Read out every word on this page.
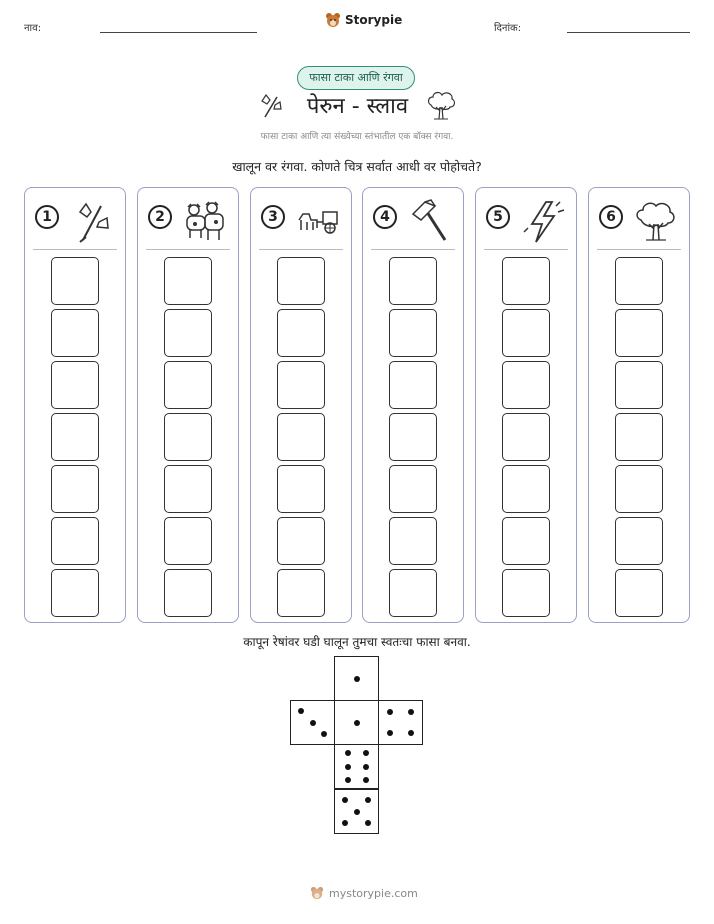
नाव:
Storypie
दिनांक:
फासा टाका आणि रंगवा
पेरुन - स्लाव
फासा टाका आणि त्या संख्येच्या स्तंभातील एक बॉक्स रंगवा.
खालून वर रंगवा. कोणते चित्र सर्वात आधी वर पोहोचते?
1	2	3	4	5	6
कापून रेषांवर घडी घालून तुमचा स्वतःचा फासा बनवा.
mystorypie.com
